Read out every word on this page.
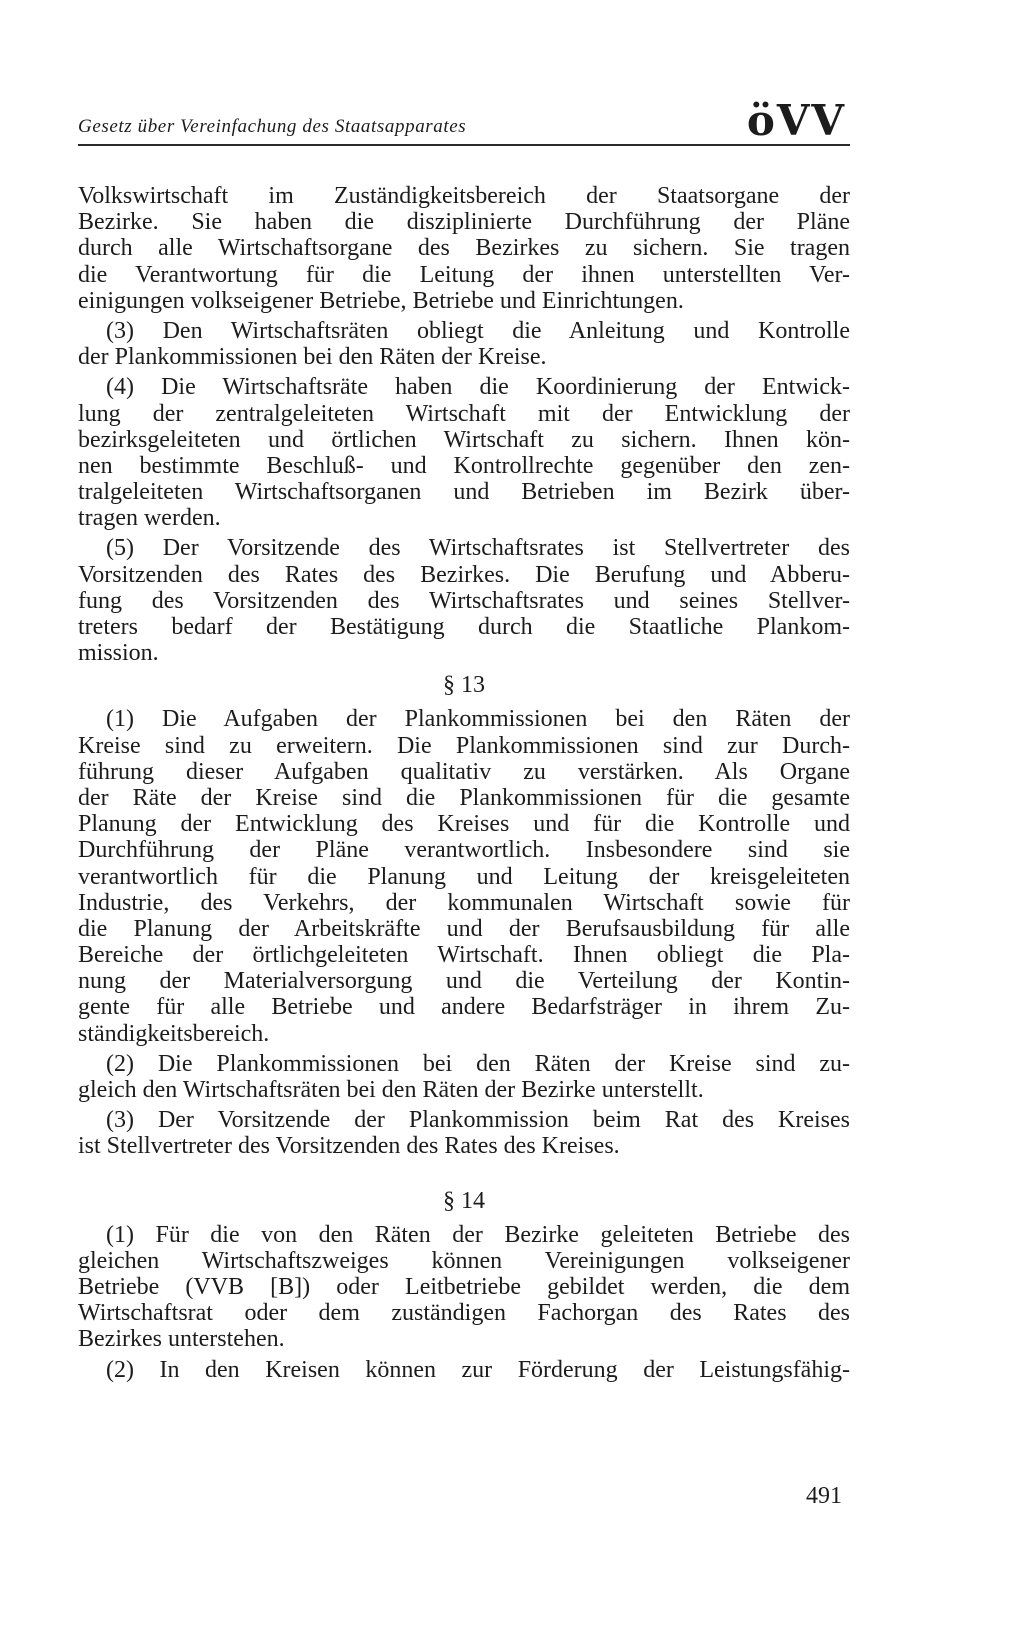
Gesetz über Vereinfachung des Staatsapparates	öVV
Volkswirtschaft im Zuständigkeitsbereich der Staatsorgane der
Bezirke. Sie haben die disziplinierte Durchführung der Pläne
durch alle Wirtschaftsorgane des Bezirkes zu sichern. Sie tragen
die Verantwortung für die Leitung der ihnen unterstellten Ver-
einigungen volkseigener Betriebe, Betriebe und Einrichtungen.
(3) Den Wirtschaftsräten obliegt die Anleitung und Kontrolle
der Plankommissionen bei den Räten der Kreise.
(4) Die Wirtschaftsräte haben die Koordinierung der Entwick-
lung der zentralgeleiteten Wirtschaft mit der Entwicklung der
bezirksgeleiteten und örtlichen Wirtschaft zu sichern. Ihnen kön-
nen bestimmte Beschluß- und Kontrollrechte gegenüber den zen-
tralgeleiteten Wirtschaftsorganen und Betrieben im Bezirk über-
tragen werden.
(5) Der Vorsitzende des Wirtschaftsrates ist Stellvertreter des
Vorsitzenden des Rates des Bezirkes. Die Berufung und Abberu-
fung des Vorsitzenden des Wirtschaftsrates und seines Stellver-
treters bedarf der Bestätigung durch die Staatliche Plankom-
mission.
§ 13
(1) Die Aufgaben der Plankommissionen bei den Räten der
Kreise sind zu erweitern. Die Plankommissionen sind zur Durch-
führung dieser Aufgaben qualitativ zu verstärken. Als Organe
der Räte der Kreise sind die Plankommissionen für die gesamte
Planung der Entwicklung des Kreises und für die Kontrolle und
Durchführung der Pläne verantwortlich. Insbesondere sind sie
verantwortlich für die Planung und Leitung der kreisgeleiteten
Industrie, des Verkehrs, der kommunalen Wirtschaft sowie für
die Planung der Arbeitskräfte und der Berufsausbildung für alle
Bereiche der örtlichgeleiteten Wirtschaft. Ihnen obliegt die Pla-
nung der Materialversorgung und die Verteilung der Kontin-
gente für alle Betriebe und andere Bedarfsträger in ihrem Zu-
ständigkeitsbereich.
(2) Die Plankommissionen bei den Räten der Kreise sind zu-
gleich den Wirtschaftsräten bei den Räten der Bezirke unterstellt.
(3) Der Vorsitzende der Plankommission beim Rat des Kreises
ist Stellvertreter des Vorsitzenden des Rates des Kreises.
§ 14
(1) Für die von den Räten der Bezirke geleiteten Betriebe des
gleichen Wirtschaftszweiges können Vereinigungen volkseigener
Betriebe (VVB [B]) oder Leitbetriebe gebildet werden, die dem
Wirtschaftsrat oder dem zuständigen Fachorgan des Rates des
Bezirkes unterstehen.
(2) In den Kreisen können zur Förderung der Leistungsfähig-
491
